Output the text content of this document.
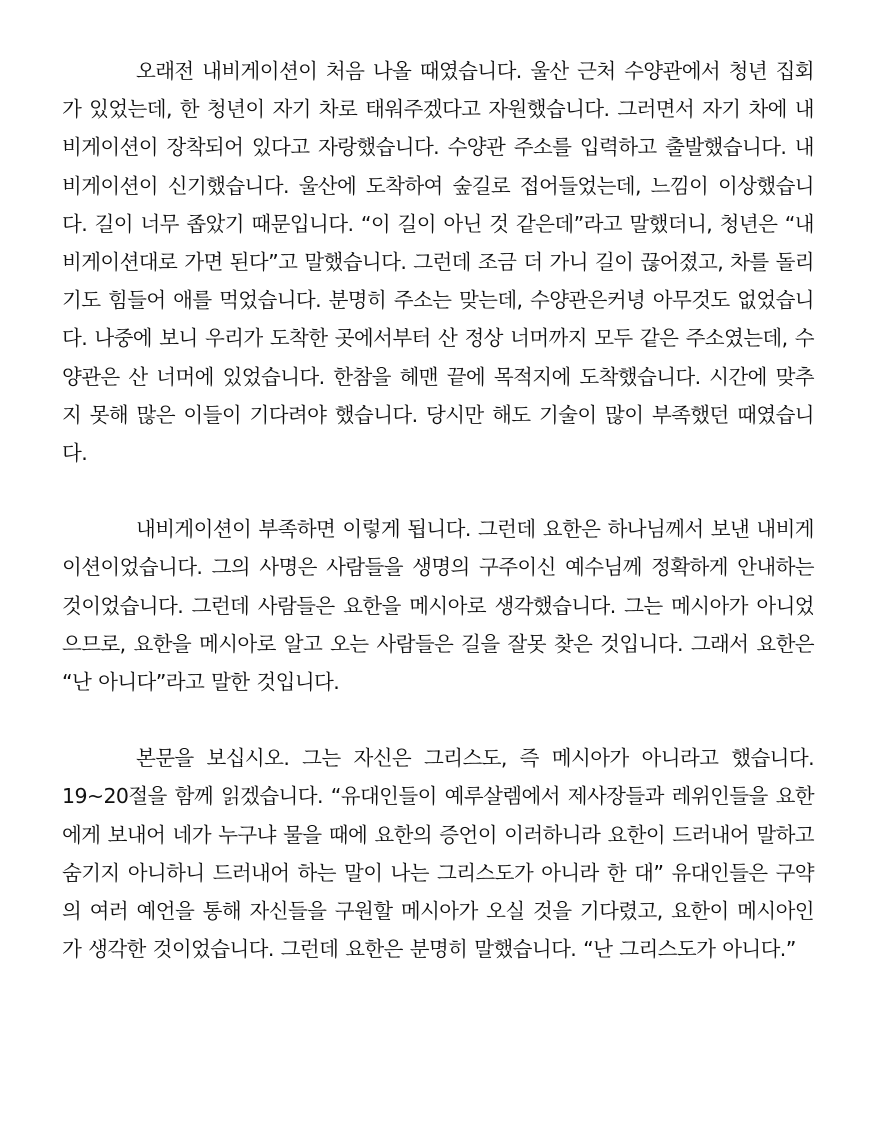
오래전 내비게이션이 처음 나올 때였습니다. 울산 근처 수양관에서 청년 집회가 있었는데, 한 청년이 자기 차로 태워주겠다고 자원했습니다. 그러면서 자기 차에 내비게이션이 장착되어 있다고 자랑했습니다. 수양관 주소를 입력하고 출발했습니다. 내비게이션이 신기했습니다. 울산에 도착하여 숲길로 접어들었는데, 느낌이 이상했습니다. 길이 너무 좁았기 때문입니다. “이 길이 아닌 것 같은데”라고 말했더니, 청년은 “내비게이션대로 가면 된다”고 말했습니다. 그런데 조금 더 가니 길이 끊어졌고, 차를 돌리기도 힘들어 애를 먹었습니다. 분명히 주소는 맞는데, 수양관은커녕 아무것도 없었습니다. 나중에 보니 우리가 도착한 곳에서부터 산 정상 너머까지 모두 같은 주소였는데, 수양관은 산 너머에 있었습니다. 한참을 헤맨 끝에 목적지에 도착했습니다. 시간에 맞추지 못해 많은 이들이 기다려야 했습니다. 당시만 해도 기술이 많이 부족했던 때였습니다.

내비게이션이 부족하면 이렇게 됩니다. 그런데 요한은 하나님께서 보낸 내비게이션이었습니다. 그의 사명은 사람들을 생명의 구주이신 예수님께 정확하게 안내하는 것이었습니다. 그런데 사람들은 요한을 메시아로 생각했습니다. 그는 메시아가 아니었으므로, 요한을 메시아로 알고 오는 사람들은 길을 잘못 찾은 것입니다. 그래서 요한은 “난 아니다”라고 말한 것입니다.

본문을 보십시오. 그는 자신은 그리스도, 즉 메시아가 아니라고 했습니다. 19~20절을 함께 읽겠습니다. “유대인들이 예루살렘에서 제사장들과 레위인들을 요한에게 보내어 네가 누구냐 물을 때에 요한의 증언이 이러하니라 요한이 드러내어 말하고 숨기지 아니하니 드러내어 하는 말이 나는 그리스도가 아니라 한 대” 유대인들은 구약의 여러 예언을 통해 자신들을 구원할 메시아가 오실 것을 기다렸고, 요한이 메시아인가 생각한 것이었습니다. 그런데 요한은 분명히 말했습니다. “난 그리스도가 아니다.”
